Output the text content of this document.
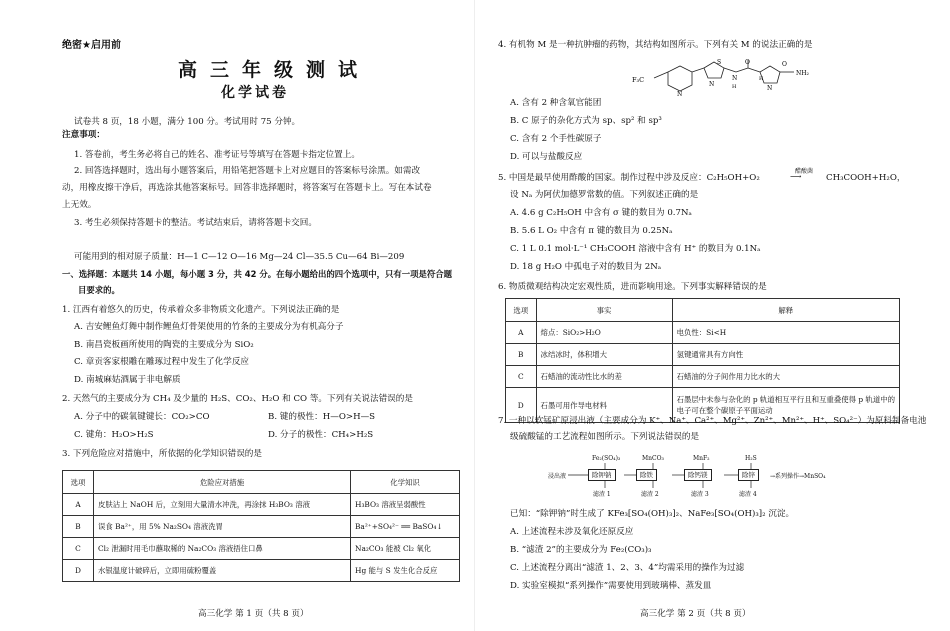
绝密★启用前
高三年级测试
化学试卷
试卷共 8 页，18 小题，满分 100 分。考试用时 75 分钟。
注意事项：
1. 答卷前，考生务必将自己的姓名、准考证号等填写在答题卡指定位置上。
2. 回答选择题时，选出每小题答案后，用铅笔把答题卡上对应题目的答案标号涂黑。如需改
动，用橡皮擦干净后，再选涂其他答案标号。回答非选择题时，将答案写在答题卡上。写在本试卷
上无效。
3. 考生必须保持答题卡的整洁。考试结束后，请将答题卡交回。
可能用到的相对原子质量：H—1 C—12 O—16 Mg—24 Cl—35.5 Cu—64 Bi—209
一、选择题：本题共 14 小题，每小题 3 分，共 42 分。在每小题给出的四个选项中，只有一项是符合题
目要求的。
1. 江西有着悠久的历史，传承着众多非物质文化遗产。下列说法正确的是
A. 吉安鲤鱼灯舞中制作鲤鱼灯骨架使用的竹条的主要成分为有机高分子
B. 南昌瓷板画所使用的陶瓷的主要成分为 SiO₂
C. 章贡客家根雕在雕琢过程中发生了化学反应
D. 南城麻姑酒属于非电解质
2. 天然气的主要成分为 CH₄ 及少量的 H₂S、CO₂、H₂O 和 CO 等。下列有关说法错误的是
A. 分子中的碳氧键键长：CO₂>CO	B. 键的极性：H—O>H—S
C. 键角：H₂O>H₂S	D. 分子的极性：CH₄>H₂S
3. 下列危险应对措施中，所依据的化学知识错误的是
选项	危险应对措施	化学知识
A	皮肤沾上 NaOH 后，立刻用大量清水冲洗，再涂抹 H₃BO₃ 溶液	H₃BO₃ 溶液呈弱酸性
B	误食 Ba²⁺，用 5% Na₂SO₄ 溶液洗胃	Ba²⁺+SO₄²⁻ ══ BaSO₄↓
C	Cl₂ 泄漏时用毛巾蘸取稀的 Na₂CO₃ 溶液捂住口鼻	Na₂CO₃ 能被 Cl₂ 氧化
D	水银温度计破碎后，立即用硫粉覆盖	Hg 能与 S 发生化合反应
高三化学 第 1 页（共 8 页）
4. 有机物 M 是一种抗肿瘤的药物，其结构如图所示。下列有关 M 的说法正确的是
F₃C
N
N
S
N
O
N
NH₂
O
H
H
A. 含有 2 种含氧官能团
B. C 原子的杂化方式为 sp、sp² 和 sp³
C. 含有 2 个手性碳原子
D. 可以与盐酸反应
5. 中国是最早使用酢酸的国家。制作过程中涉及反应：C₂H₅OH+O₂
醋酸菌
⟶	CH₃COOH+H₂O，
设 Nₐ 为阿伏加德罗常数的值。下列叙述正确的是
A. 4.6 g C₂H₅OH 中含有 σ 键的数目为 0.7Nₐ
B. 5.6 L O₂ 中含有 π 键的数目为 0.25Nₐ
C. 1 L 0.1 mol·L⁻¹ CH₃COOH 溶液中含有 H⁺ 的数目为 0.1Nₐ
D. 18 g H₂O 中孤电子对的数目为 2Nₐ
6. 物质微观结构决定宏观性质，进而影响用途。下列事实解释错误的是
选项	事实	解释
A	熔点：SiO₂>H₂O	电负性：Si<H
B	冰结冰时，体积增大	氢键通常具有方向性
C	石蜡油的流动性比水的差	石蜡油的分子间作用力比水的大
D	石墨可用作导电材料	石墨层中未参与杂化的 p 轨道相互平行且和互重叠使得 p 轨道中的
电子可在整个碳原子平面运动
7. 一种以软锰矿原浸出液（主要成分为 K⁺、Na⁺、Ca²⁺、Mg²⁺、Zn²⁺、Mn²⁺、H⁺、SO₄²⁻）为原料制备电池
级硫酸锰的工艺流程如图所示。下列说法错误的是
浸出液	除钾钠	除铁	除钙镁	除锌
Fe₂(SO₄)₃	MnCO₃	MnF₂	H₂S
滤渣 1	滤渣 2	滤渣 3	滤渣 4
→系列操作→MnSO₄
已知：“除钾钠”时生成了 KFe₃[SO₄(OH)₃]₂、NaFe₃[SO₄(OH)₃]₂ 沉淀。
A. 上述流程未涉及氧化还原反应
B. “滤渣 2”的主要成分为 Fe₂(CO₃)₃
C. 上述流程分离出“滤渣 1、2、3、4”均需采用的操作为过滤
D. 实验室模拟“系列操作”需要使用到玻璃棒、蒸发皿
高三化学 第 2 页（共 8 页）
